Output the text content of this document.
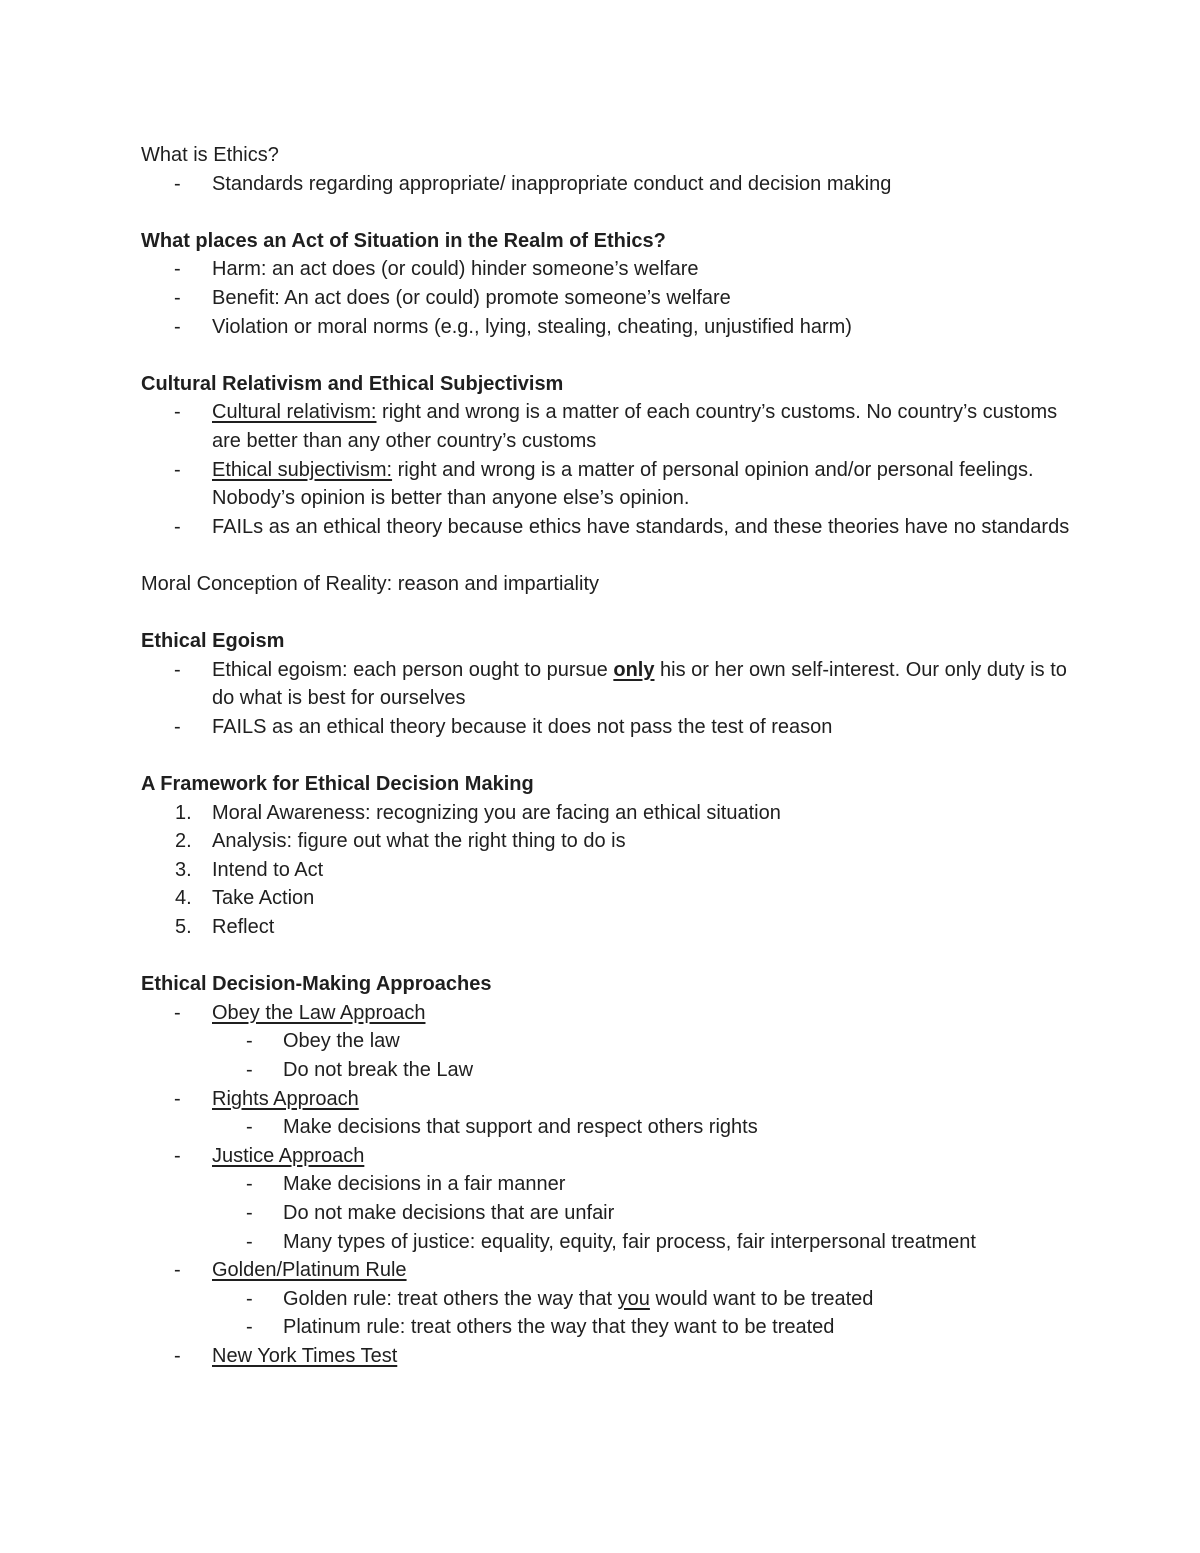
What is Ethics?
- Standards regarding appropriate/ inappropriate conduct and decision making
What places an Act of Situation in the Realm of Ethics?
- Harm: an act does (or could) hinder someone’s welfare
- Benefit: An act does (or could) promote someone’s welfare
- Violation or moral norms (e.g., lying, stealing, cheating, unjustified harm)
Cultural Relativism and Ethical Subjectivism
- Cultural relativism: right and wrong is a matter of each country’s customs. No country’s customs are better than any other country’s customs
- Ethical subjectivism: right and wrong is a matter of personal opinion and/or personal feelings. Nobody’s opinion is better than anyone else’s opinion.
- FAILs as an ethical theory because ethics have standards, and these theories have no standards
Moral Conception of Reality: reason and impartiality
Ethical Egoism
- Ethical egoism: each person ought to pursue only his or her own self-interest. Our only duty is to do what is best for ourselves
- FAILS as an ethical theory because it does not pass the test of reason
A Framework for Ethical Decision Making
1. Moral Awareness: recognizing you are facing an ethical situation
2. Analysis: figure out what the right thing to do is
3. Intend to Act
4. Take Action
5. Reflect
Ethical Decision-Making Approaches
- Obey the Law Approach
- Obey the law
- Do not break the Law
- Rights Approach
- Make decisions that support and respect others rights
- Justice Approach
- Make decisions in a fair manner
- Do not make decisions that are unfair
- Many types of justice: equality, equity, fair process, fair interpersonal treatment
- Golden/Platinum Rule
- Golden rule: treat others the way that you would want to be treated
- Platinum rule: treat others the way that they want to be treated
- New York Times Test
